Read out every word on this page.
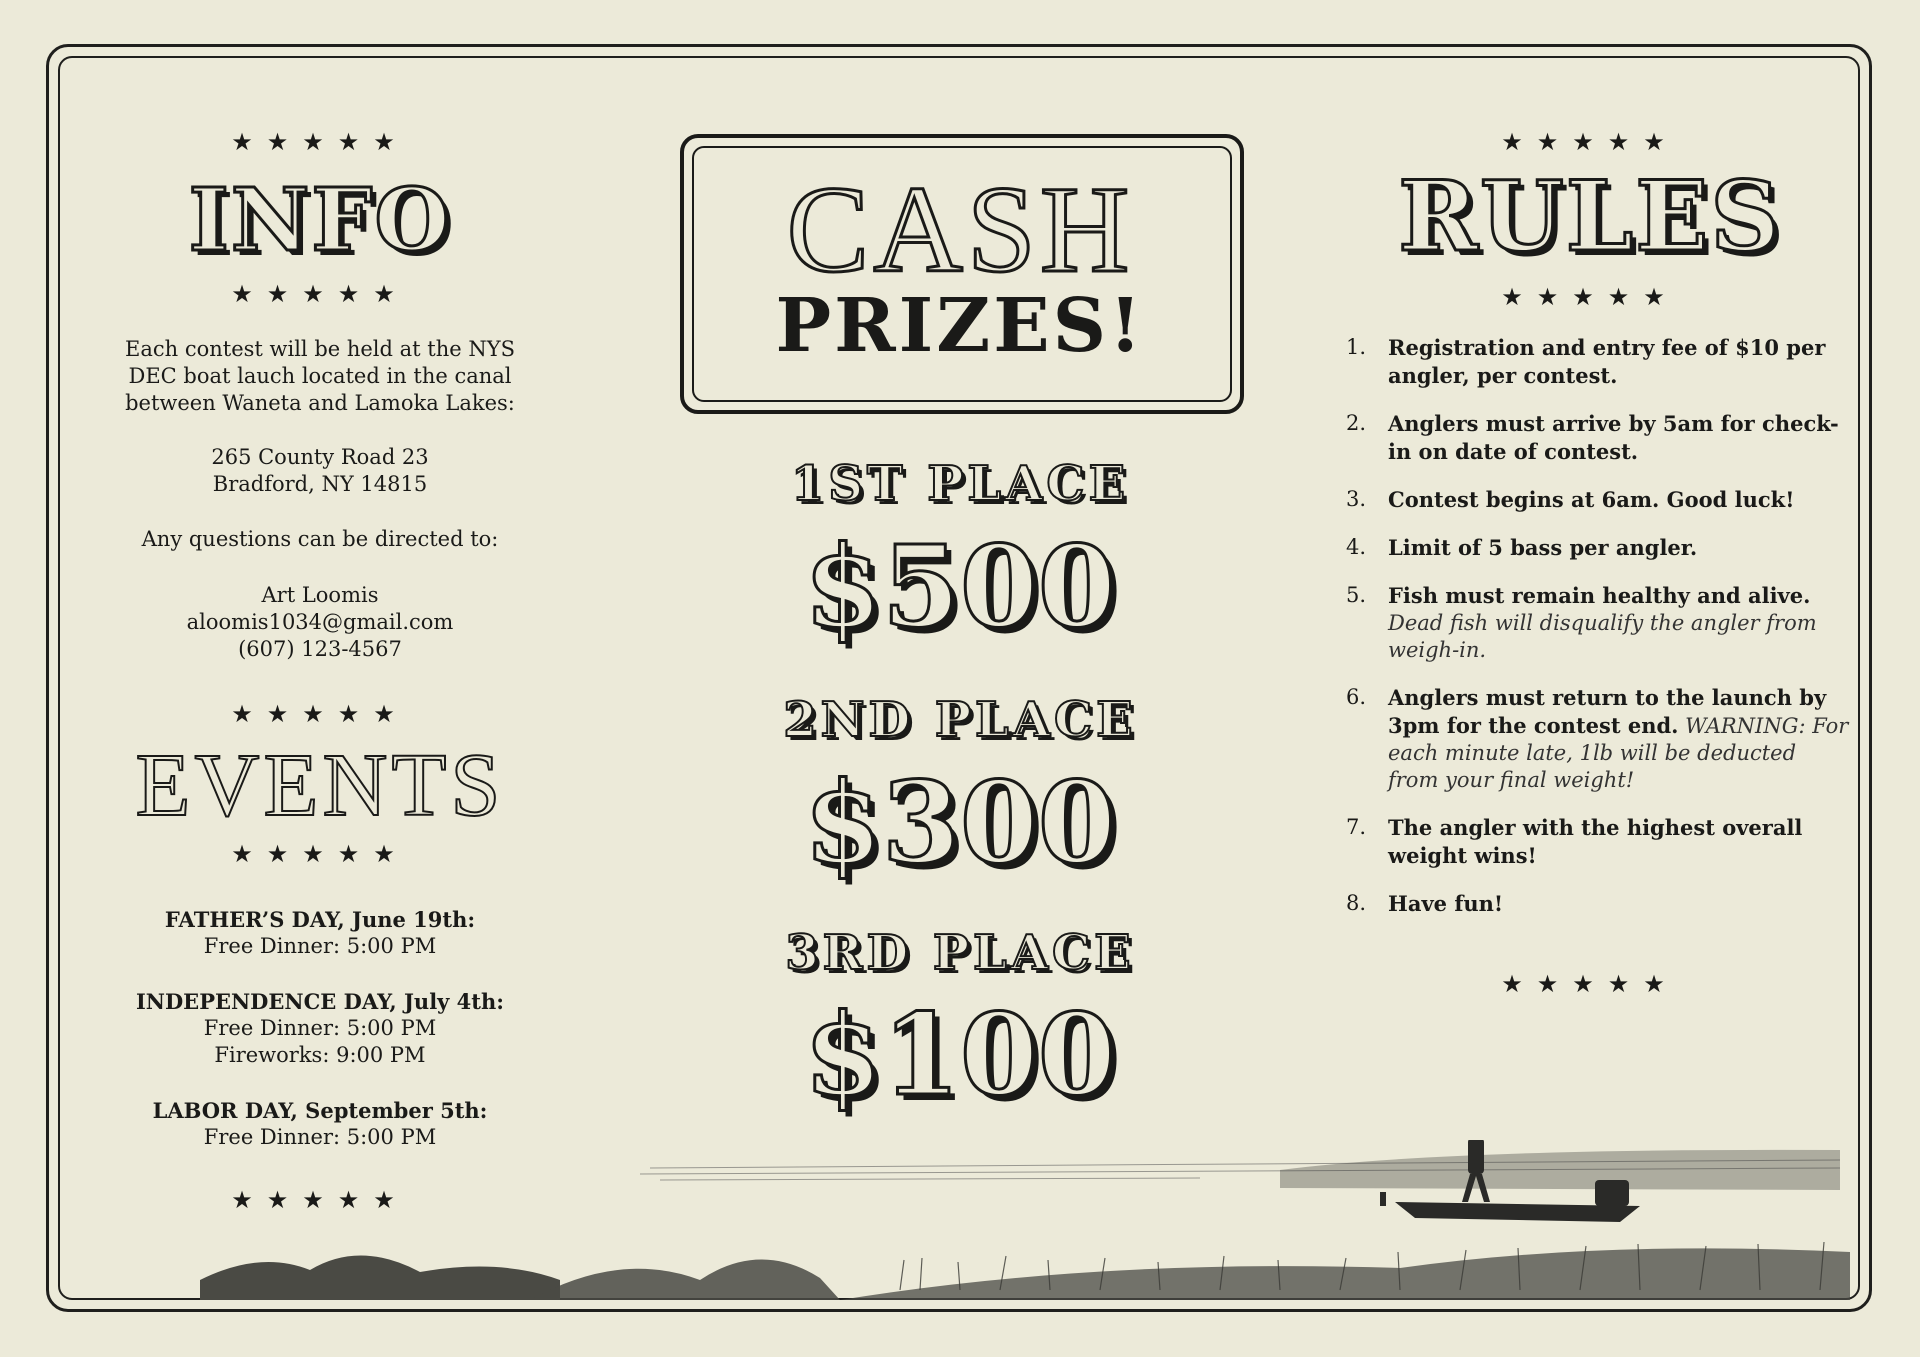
★★★★★
INFO
★★★★★
Each contest will be held at the NYS
DEC boat lauch located in the canal
between Waneta and Lamoka Lakes:
265 County Road 23
Bradford, NY 14815
Any questions can be directed to:
Art Loomis
aloomis1034@gmail.com
(607) 123-4567
★★★★★
EVENTS
★★★★★
FATHER’S DAY, June 19th:
Free Dinner: 5:00 PM
INDEPENDENCE DAY, July 4th:
Free Dinner: 5:00 PM
Fireworks: 9:00 PM
LABOR DAY, September 5th:
Free Dinner: 5:00 PM
★★★★★
CASH
PRIZES!
1ST PLACE
$500
2ND PLACE
$300
3RD PLACE
$100
★★★★★
RULES
★★★★★
1. Registration and entry fee of $10 per angler, per contest.
2. Anglers must arrive by 5am for check-in on date of contest.
3. Contest begins at 6am. Good luck!
4. Limit of 5 bass per angler.
5. Fish must remain healthy and alive. Dead fish will disqualify the angler from weigh-in.
6. Anglers must return to the launch by 3pm for the contest end. WARNING: For each minute late, 1lb will be deducted from your final weight!
7. The angler with the highest overall weight wins!
8. Have fun!
★★★★★
